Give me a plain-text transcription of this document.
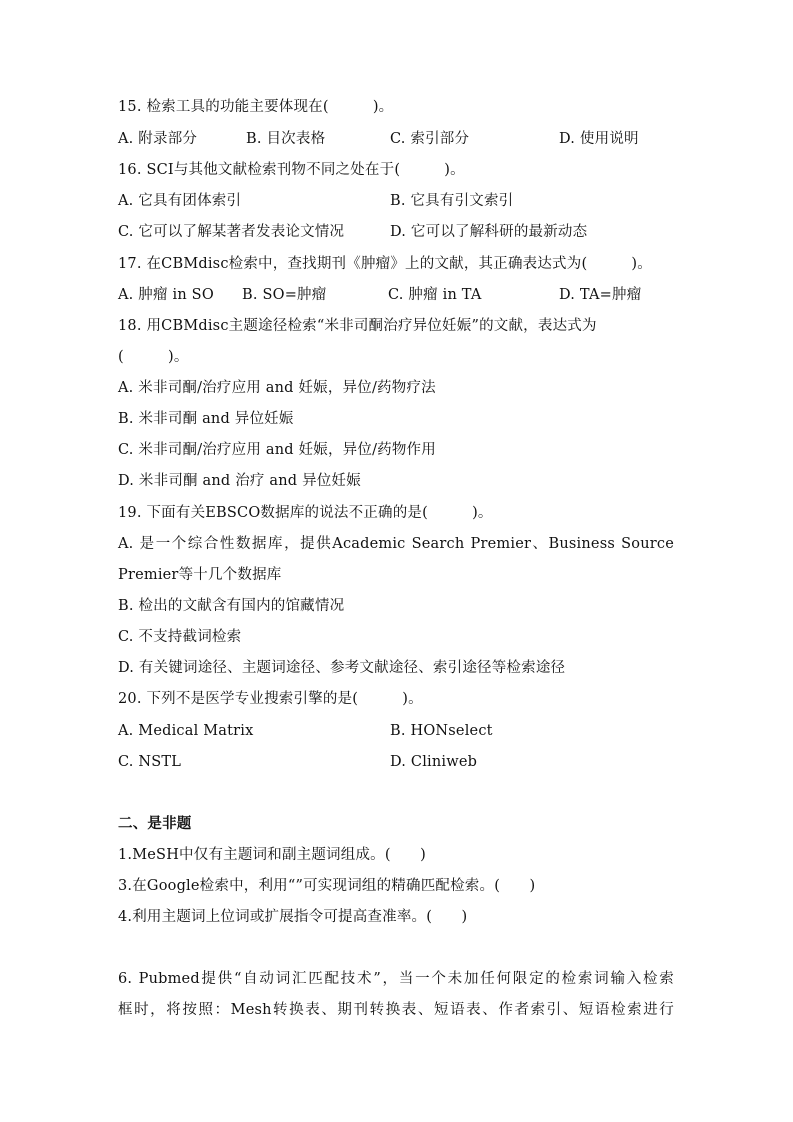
15. 检索工具的功能主要体现在(　　　)。
A. 附录部分	B. 目次表格	C. 索引部分	D. 使用说明
16. SCI与其他文献检索刊物不同之处在于(　　　)。
A. 它具有团体索引	B. 它具有引文索引
C. 它可以了解某著者发表论文情况	D. 它可以了解科研的最新动态
17. 在CBMdisc检索中，查找期刊《肿瘤》上的文献，其正确表达式为(　　　)。
A. 肿瘤 in SO B. SO=肿瘤	C. 肿瘤 in TA	D. TA=肿瘤
18. 用CBMdisc主题途径检索“米非司酮治疗异位妊娠”的文献，表达式为
(　　　)。
A. 米非司酮/治疗应用 and 妊娠，异位/药物疗法
B. 米非司酮 and 异位妊娠
C. 米非司酮/治疗应用 and 妊娠，异位/药物作用
D. 米非司酮 and 治疗 and 异位妊娠
19. 下面有关EBSCO数据库的说法不正确的是(　　　)。
A. 是一个综合性数据库，提供Academic Search Premier、Business Source
Premier等十几个数据库
B. 检出的文献含有国内的馆藏情况
C. 不支持截词检索
D. 有关键词途径、主题词途径、参考文献途径、索引途径等检索途径
20. 下列不是医学专业搜索引擎的是(　　　)。
A. Medical Matrix	B. HONselect
C. NSTL	D. Cliniweb
二、是非题
1.MeSH中仅有主题词和副主题词组成。(　　)
3.在Google检索中，利用“”可实现词组的精确匹配检索。(　　)
4.利用主题词上位词或扩展指令可提高查准率。(　　)
6. Pubmed提供“自动词汇匹配技术”，当一个未加任何限定的检索词输入检索
框时，将按照：Mesh转换表、期刊转换表、短语表、作者索引、短语检索进行
